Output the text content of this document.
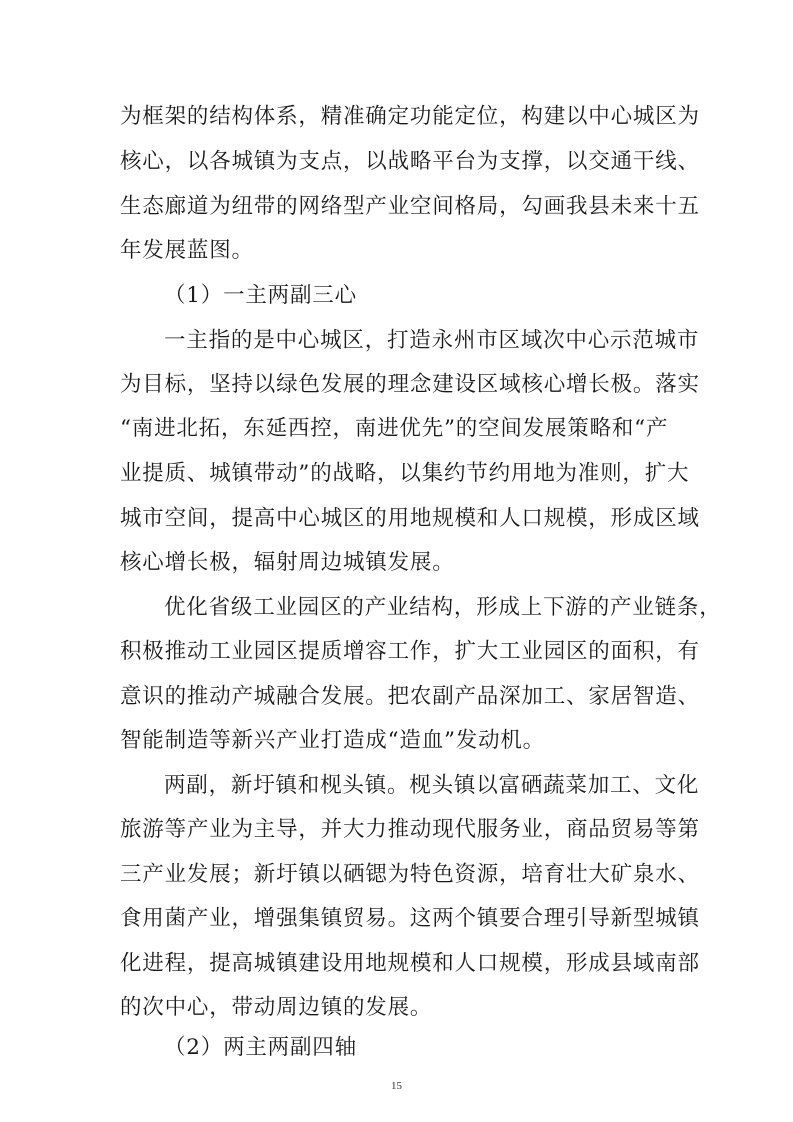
为框架的结构体系，精准确定功能定位，构建以中心城区为
核心，以各城镇为支点，以战略平台为支撑，以交通干线、
生态廊道为纽带的网络型产业空间格局，勾画我县未来十五
年发展蓝图。
（1）一主两副三心
一主指的是中心城区，打造永州市区域次中心示范城市
为目标，坚持以绿色发展的理念建设区域核心增长极。落实
“南进北拓，东延西控，南进优先”的空间发展策略和“产
业提质、城镇带动”的战略，以集约节约用地为准则，扩大
城市空间，提高中心城区的用地规模和人口规模，形成区域
核心增长极，辐射周边城镇发展。
优化省级工业园区的产业结构，形成上下游的产业链条，
积极推动工业园区提质增容工作，扩大工业园区的面积，有
意识的推动产城融合发展。把农副产品深加工、家居智造、
智能制造等新兴产业打造成“造血”发动机。
两副，新圩镇和枧头镇。枧头镇以富硒蔬菜加工、文化
旅游等产业为主导，并大力推动现代服务业，商品贸易等第
三产业发展；新圩镇以硒锶为特色资源，培育壮大矿泉水、
食用菌产业，增强集镇贸易。这两个镇要合理引导新型城镇
化进程，提高城镇建设用地规模和人口规模，形成县域南部
的次中心，带动周边镇的发展。
（2）两主两副四轴
15
